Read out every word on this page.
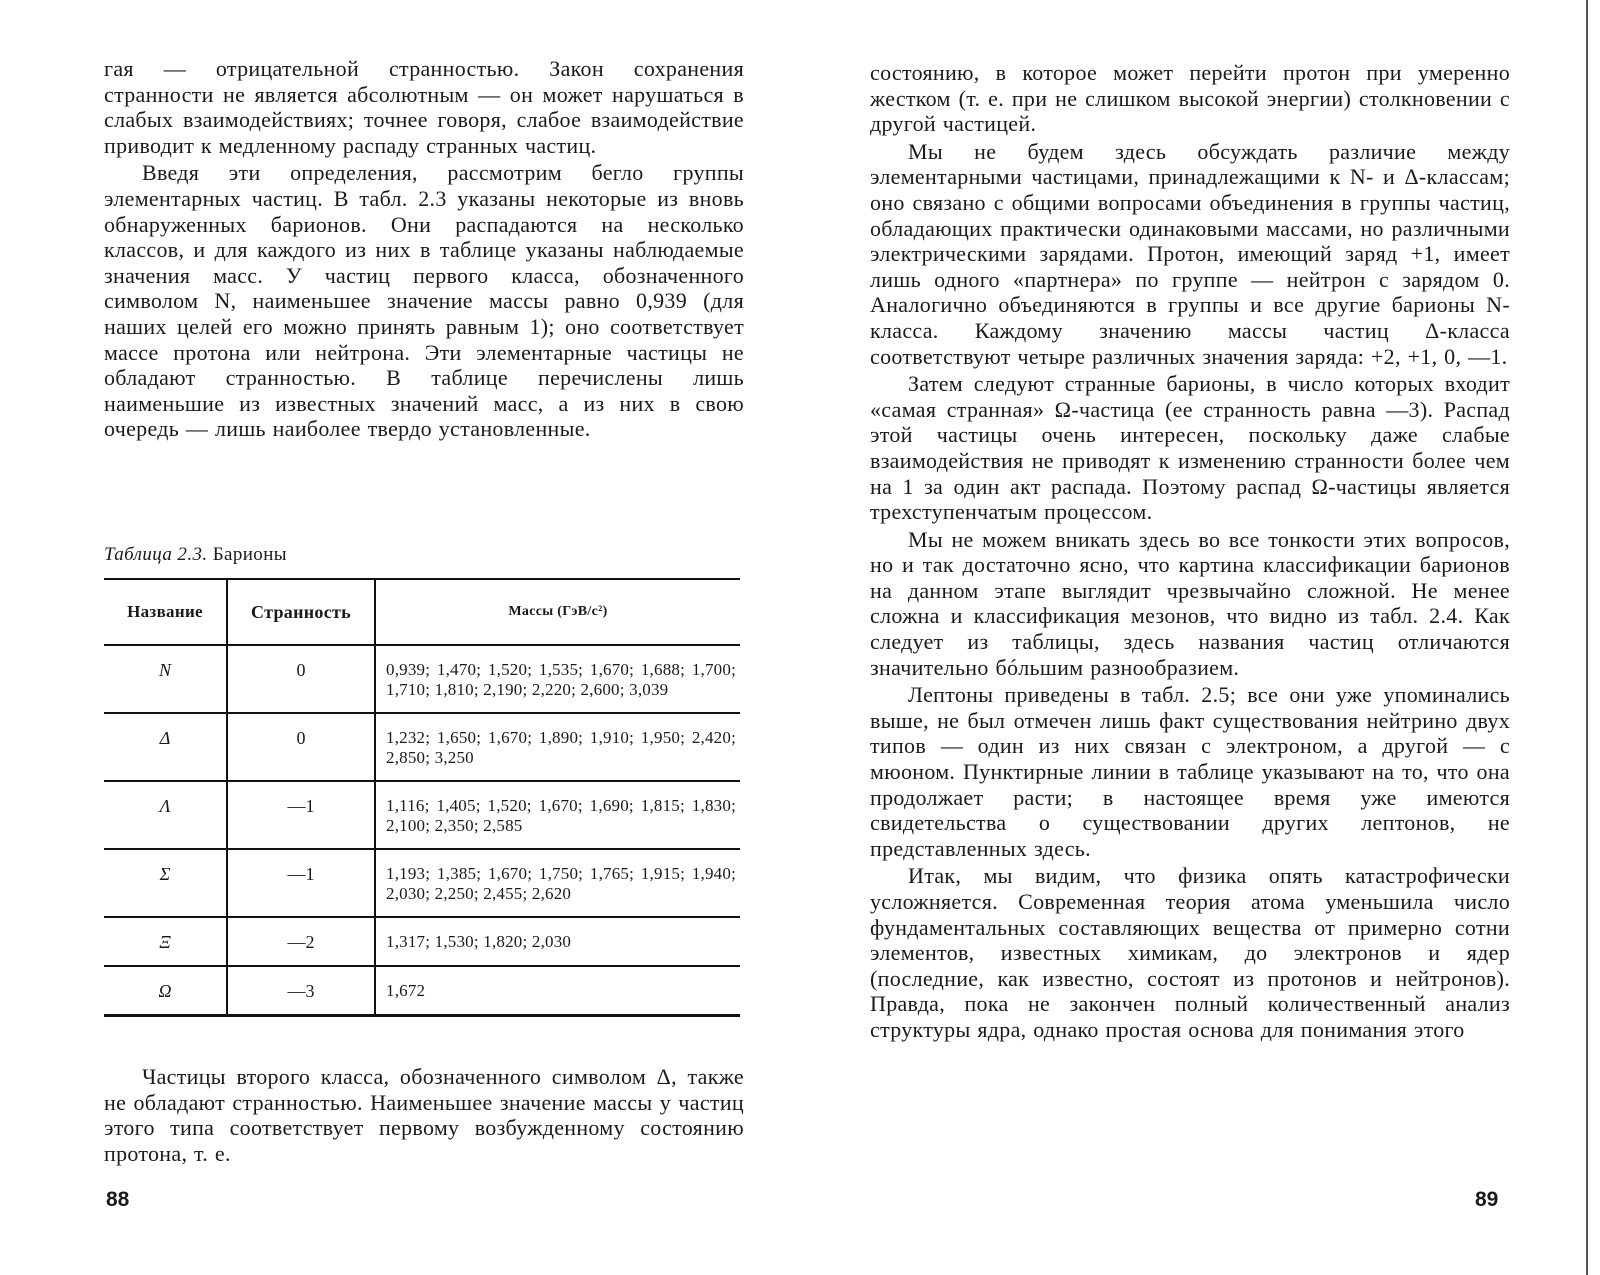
гая — отрицательной странностью. Закон сохранения странности не является абсолютным — он может нарушаться в слабых взаимодействиях; точнее говоря, слабое взаимодействие приводит к медленному распаду странных частиц.

Введя эти определения, рассмотрим бегло группы элементарных частиц. В табл. 2.3 указаны некоторые из вновь обнаруженных барионов. Они распадаются на несколько классов, и для каждого из них в таблице указаны наблюдаемые значения масс. У частиц первого класса, обозначенного символом N, наименьшее значение массы равно 0,939 (для наших целей его можно принять равным 1); оно соответствует массе протона или нейтрона. Эти элементарные частицы не обладают странностью. В таблице перечислены лишь наименьшие из известных значений масс, а из них в свою очередь — лишь наиболее твердо установленные.

Таблица 2.3. Барионы
Название	Странность	Массы (ГэВ/c²)
N	0	0,939; 1,470; 1,520; 1,535; 1,670; 1,688; 1,700; 1,710; 1,810; 2,190; 2,220; 2,600; 3,039
Δ	0	1,232; 1,650; 1,670; 1,890; 1,910; 1,950; 2,420; 2,850; 3,250
Λ	—1	1,116; 1,405; 1,520; 1,670; 1,690; 1,815; 1,830; 2,100; 2,350; 2,585
Σ	—1	1,193; 1,385; 1,670; 1,750; 1,765; 1,915; 1,940; 2,030; 2,250; 2,455; 2,620
Ξ	—2	1,317; 1,530; 1,820; 2,030
Ω	—3	1,672

Частицы второго класса, обозначенного символом Δ, также не обладают странностью. Наименьшее значение массы у частиц этого типа соответствует первому возбужденному состоянию протона, т. е.

88

состоянию, в которое может перейти протон при умеренно жестком (т. е. при не слишком высокой энергии) столкновении с другой частицей.

Мы не будем здесь обсуждать различие между элементарными частицами, принадлежащими к N- и Δ-классам; оно связано с общими вопросами объединения в группы частиц, обладающих практически одинаковыми массами, но различными электрическими зарядами. Протон, имеющий заряд +1, имеет лишь одного «партнера» по группе — нейтрон с зарядом 0. Аналогично объединяются в группы и все другие барионы N-класса. Каждому значению массы частиц Δ-класса соответствуют четыре различных значения заряда: +2, +1, 0, —1.

Затем следуют странные барионы, в число которых входит «самая странная» Ω-частица (ее странность равна —3). Распад этой частицы очень интересен, поскольку даже слабые взаимодействия не приводят к изменению странности более чем на 1 за один акт распада. Поэтому распад Ω-частицы является трехступенчатым процессом.

Мы не можем вникать здесь во все тонкости этих вопросов, но и так достаточно ясно, что картина классификации барионов на данном этапе выглядит чрезвычайно сложной. Не менее сложна и классификация мезонов, что видно из табл. 2.4. Как следует из таблицы, здесь названия частиц отличаются значительно бóльшим разнообразием.

Лептоны приведены в табл. 2.5; все они уже упоминались выше, не был отмечен лишь факт существования нейтрино двух типов — один из них связан с электроном, а другой — с мюоном. Пунктирные линии в таблице указывают на то, что она продолжает расти; в настоящее время уже имеются свидетельства о существовании других лептонов, не представленных здесь.

Итак, мы видим, что физика опять катастрофически усложняется. Современная теория атома уменьшила число фундаментальных составляющих вещества от примерно сотни элементов, известных химикам, до электронов и ядер (последние, как известно, состоят из протонов и нейтронов). Правда, пока не закончен полный количественный анализ структуры ядра, однако простая основа для понимания этого

89
